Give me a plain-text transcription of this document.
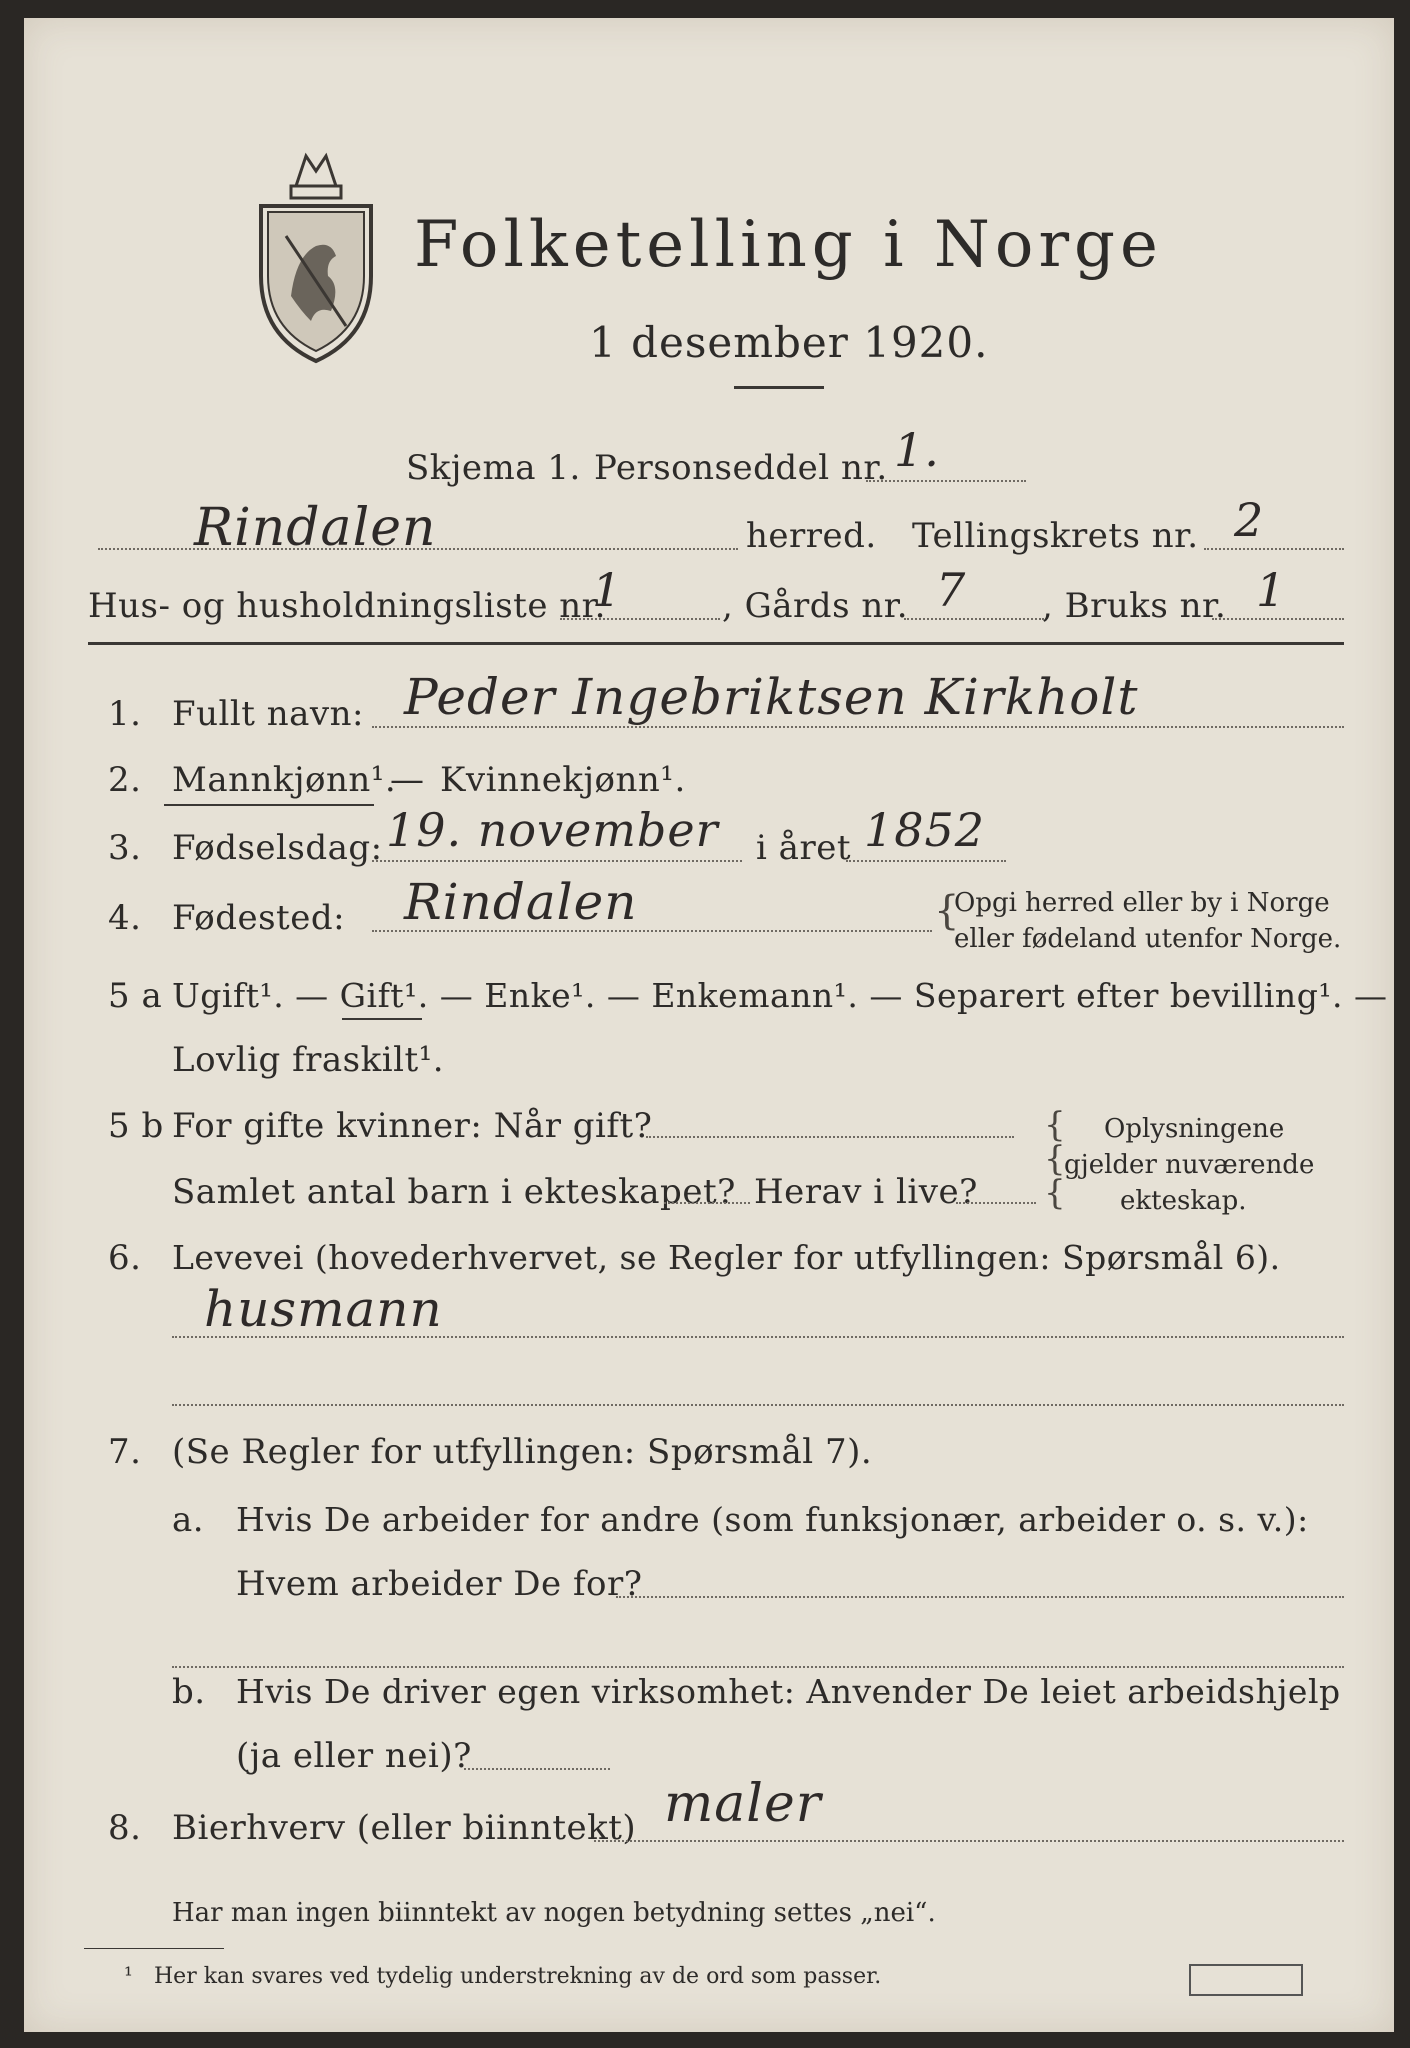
Folketelling i Norge
1 desember 1920.
Skjema 1. Personseddel nr. 1.
Rindalen	herred. Tellingskrets nr. 2
Hus- og husholdningsliste nr.
1	, Gårds nr. 7 , Bruks nr. 1
1. Fullt navn: Peder Ingebriktsen Kirkholt
2. Mannkjønn¹.
— Kvinnekjønn¹.
3. Fødselsdag: 19. november i året 1852
4. Fødested: Rindalen	{
Opgi herred eller by i Norge
eller fødeland utenfor Norge.
5 a Ugift¹. — Gift¹. — Enke¹. — Enkemann¹. — Separert efter bevilling¹. —
Lovlig fraskilt¹.
5 b For gifte kvinner: Når gift?
Samlet antal barn i ekteskapet? Herav i live?
{
{
{
Oplysningene
gjelder nuværende
ekteskap.
6. Levevei (hovederhvervet, se Regler for utfyllingen: Spørsmål 6).
husmann
7. (Se Regler for utfyllingen: Spørsmål 7).
a. Hvis De arbeider for andre (som funksjonær, arbeider o. s. v.):
Hvem arbeider De for?
b. Hvis De driver egen virksomhet: Anvender De leiet arbeidshjelp
(ja eller nei)?
8. Bierhverv (eller biinntekt) maler
Har man ingen biinntekt av nogen betydning settes „nei“.
¹ Her kan svares ved tydelig understrekning av de ord som passer.
